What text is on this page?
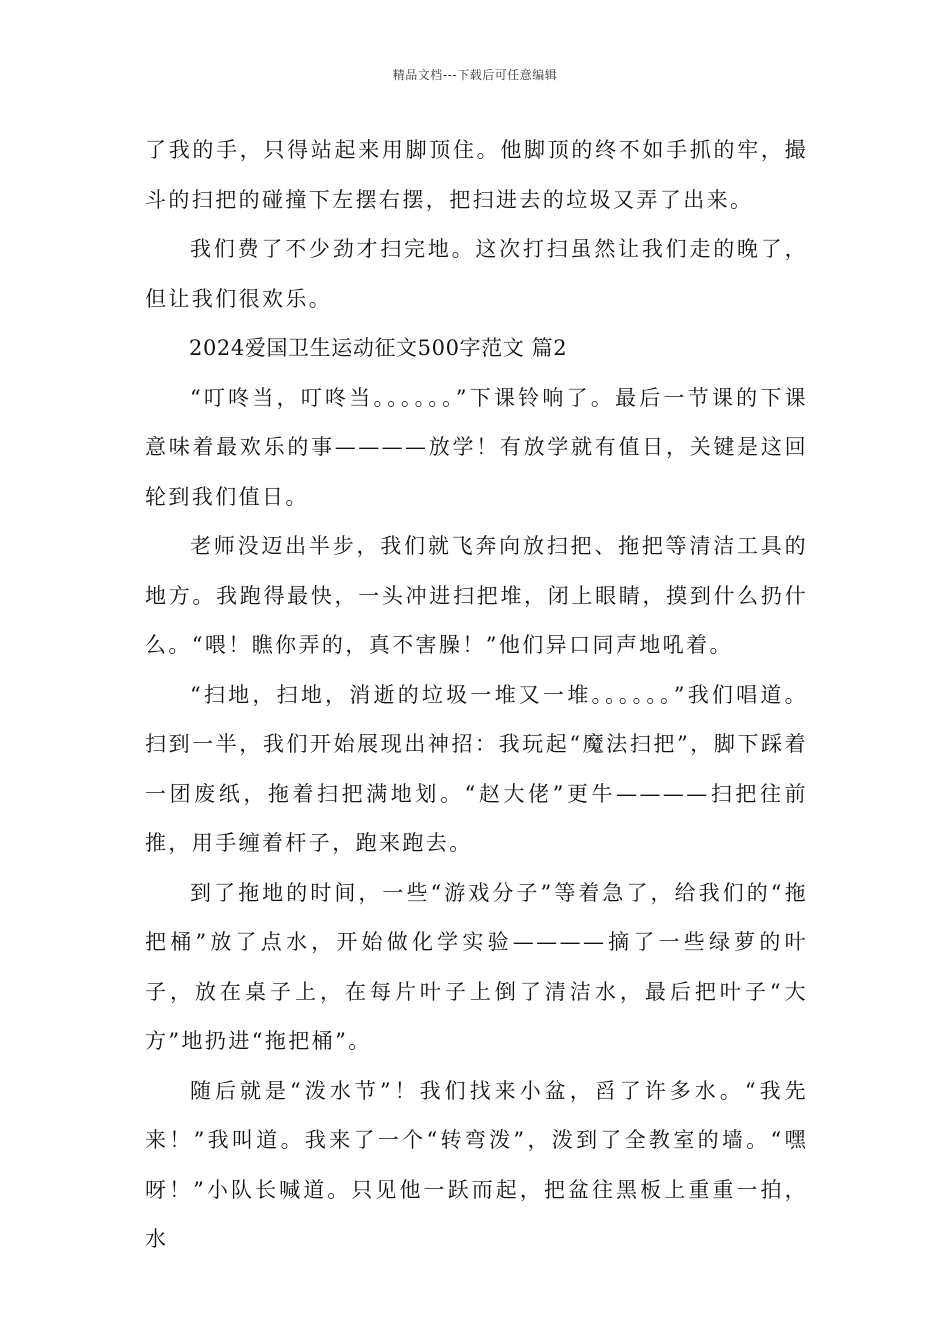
精品文档---下载后可任意编辑

了我的手，只得站起来用脚顶住。他脚顶的终不如手抓的牢，撮斗的扫把的碰撞下左摆右摆，把扫进去的垃圾又弄了出来。

我们费了不少劲才扫完地。这次打扫虽然让我们走的晚了，但让我们很欢乐。

2024爱国卫生运动征文500字范文 篇2

“叮咚当，叮咚当。。。。。。”下课铃响了。最后一节课的下课意味着最欢乐的事————放学！有放学就有值日，关键是这回轮到我们值日。

老师没迈出半步，我们就飞奔向放扫把、拖把等清洁工具的地方。我跑得最快，一头冲进扫把堆，闭上眼睛，摸到什么扔什么。“喂！瞧你弄的，真不害臊！”他们异口同声地吼着。

“扫地，扫地，消逝的垃圾一堆又一堆。。。。。。”我们唱道。扫到一半，我们开始展现出神招：我玩起“魔法扫把”，脚下踩着一团废纸，拖着扫把满地划。“赵大佬”更牛————扫把往前推，用手缠着杆子，跑来跑去。

到了拖地的时间，一些“游戏分子”等着急了，给我们的“拖把桶”放了点水，开始做化学实验————摘了一些绿萝的叶子，放在桌子上，在每片叶子上倒了清洁水，最后把叶子“大方”地扔进“拖把桶”。

随后就是“泼水节”！我们找来小盆，舀了许多水。“我先来！”我叫道。我来了一个“转弯泼”，泼到了全教室的墙。“嘿呀！”小队长喊道。只见他一跃而起，把盆往黑板上重重一拍，水
